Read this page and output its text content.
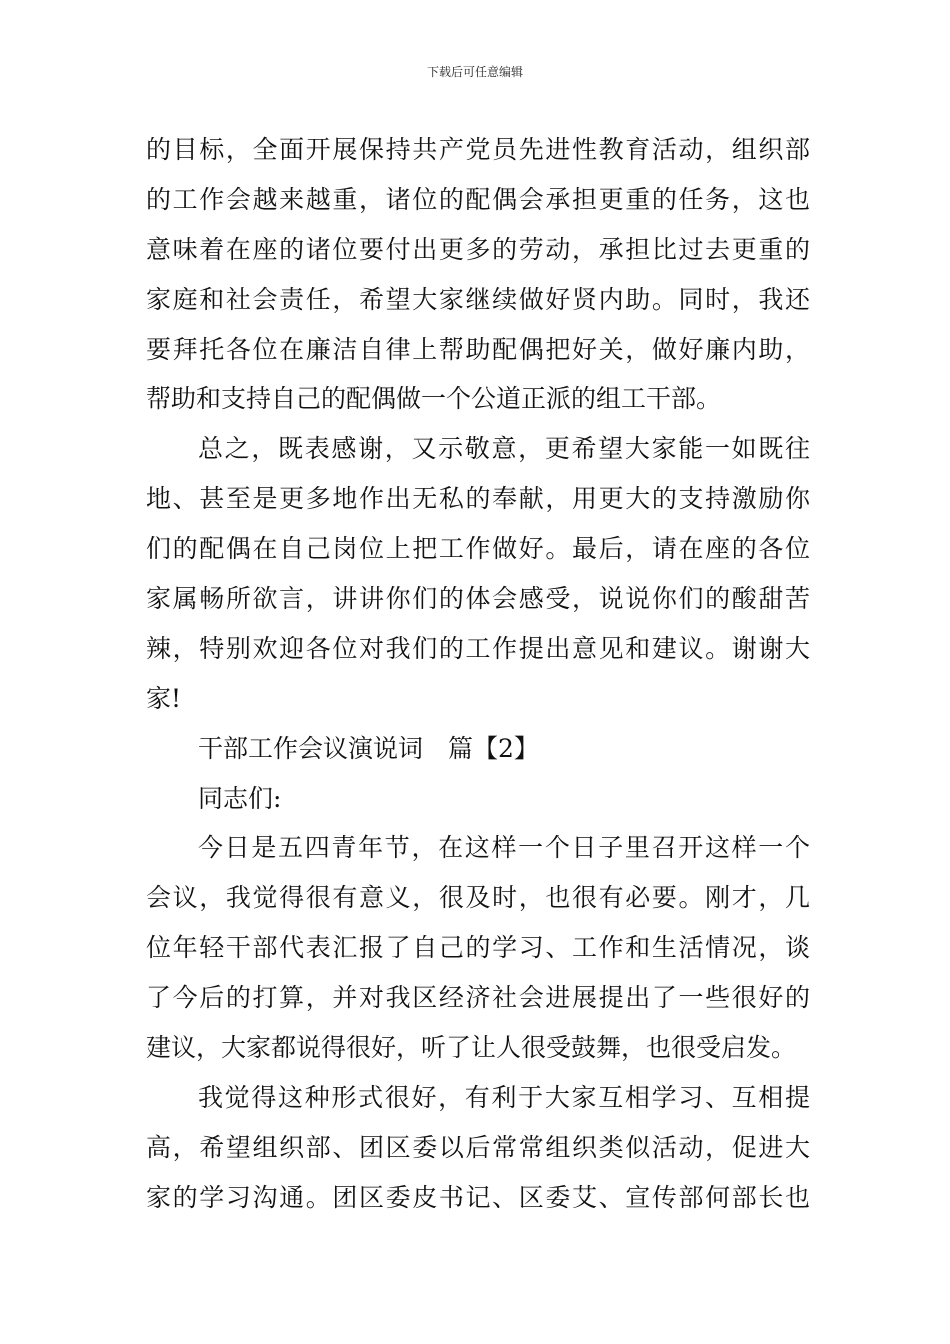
下载后可任意编辑
的目标，全面开展保持共产党员先进性教育活动，组织部
的工作会越来越重，诸位的配偶会承担更重的任务，这也
意味着在座的诸位要付出更多的劳动，承担比过去更重的
家庭和社会责任，希望大家继续做好贤内助。同时，我还
要拜托各位在廉洁自律上帮助配偶把好关，做好廉内助，
帮助和支持自己的配偶做一个公道正派的组工干部。
总之，既表感谢，又示敬意，更希望大家能一如既往
地、甚至是更多地作出无私的奉献，用更大的支持激励你
们的配偶在自己岗位上把工作做好。最后，请在座的各位
家属畅所欲言，讲讲你们的体会感受，说说你们的酸甜苦
辣，特别欢迎各位对我们的工作提出意见和建议。谢谢大
家!
干部工作会议演说词　篇【2】
同志们:
今日是五四青年节，在这样一个日子里召开这样一个
会议，我觉得很有意义，很及时，也很有必要。刚才，几
位年轻干部代表汇报了自己的学习、工作和生活情况，谈
了今后的打算，并对我区经济社会进展提出了一些很好的
建议，大家都说得很好，听了让人很受鼓舞，也很受启发。
我觉得这种形式很好，有利于大家互相学习、互相提
高，希望组织部、团区委以后常常组织类似活动，促进大
家的学习沟通。团区委皮书记、区委艾、宣传部何部长也
